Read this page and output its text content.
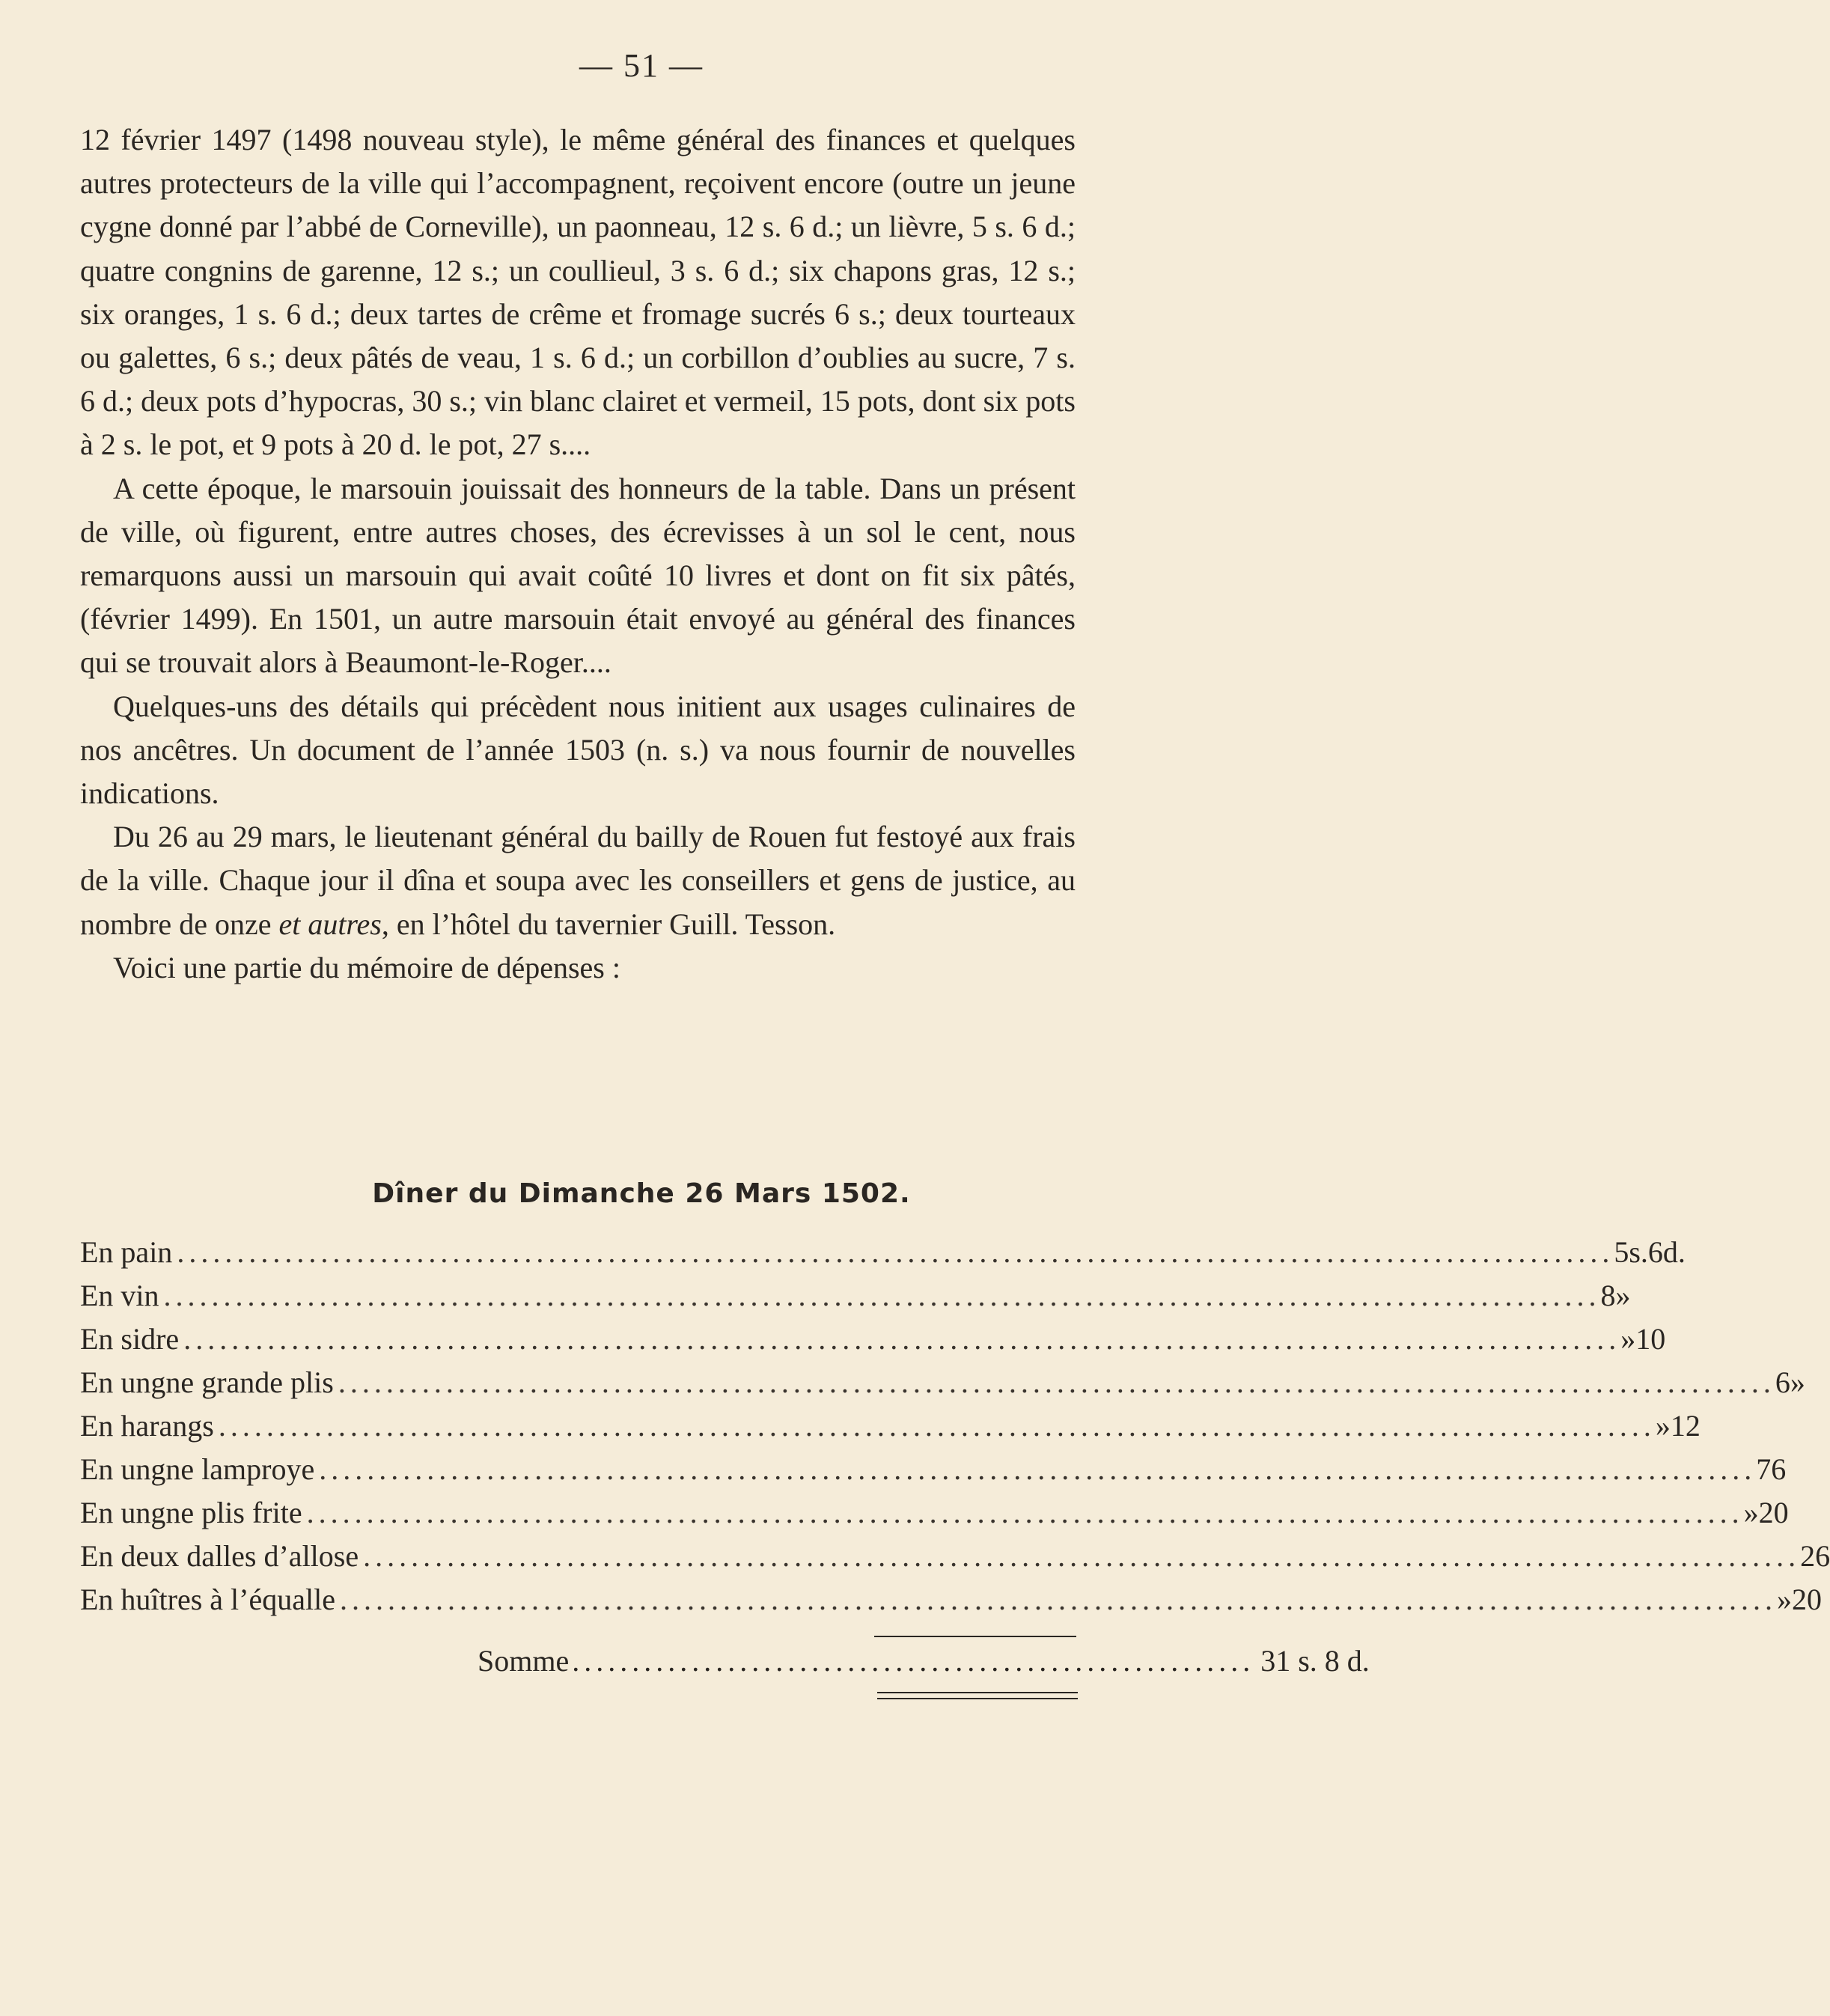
— 51 —

12 février 1497 (1498 nouveau style), le même général des finances et quelques autres protecteurs de la ville qui l’accompagnent, reçoivent encore (outre un jeune cygne donné par l’abbé de Corneville), un paonneau, 12 s. 6 d.; un lièvre, 5 s. 6 d.; quatre congnins de garenne, 12 s.; un coullieul, 3 s. 6 d.; six chapons gras, 12 s.; six oranges, 1 s. 6 d.; deux tartes de crême et fromage sucrés 6 s.; deux tourteaux ou galettes, 6 s.; deux pâtés de veau, 1 s. 6 d.; un corbillon d’oublies au sucre, 7 s. 6 d.; deux pots d’hypocras, 30 s.; vin blanc clairet et vermeil, 15 pots, dont six pots à 2 s. le pot, et 9 pots à 20 d. le pot, 27 s....

A cette époque, le marsouin jouissait des honneurs de la table. Dans un présent de ville, où figurent, entre autres choses, des écrevisses à un sol le cent, nous remarquons aussi un marsouin qui avait coûté 10 livres et dont on fit six pâtés, (février 1499). En 1501, un autre marsouin était envoyé au général des finances qui se trouvait alors à Beaumont-le-Roger....

Quelques-uns des détails qui précèdent nous initient aux usages culinaires de nos ancêtres. Un document de l’année 1503 (n. s.) va nous fournir de nouvelles indications.

Du 26 au 29 mars, le lieutenant général du bailly de Rouen fut festoyé aux frais de la ville. Chaque jour il dîna et soupa avec les conseillers et gens de justice, au nombre de onze et autres, en l’hôtel du tavernier Guill. Tesson.

Voici une partie du mémoire de dépenses :

Dîner du Dimanche 26 Mars 1502.
En pain ........................................................................................................................ 5s. 6d.
En vin ........................................................................................................................ 8 »
En sidre ........................................................................................................................ » 10
En ungne grande plis ........................................................................................................................ 6 »
En harangs ........................................................................................................................ » 12
En ungne lamproye ........................................................................................................................ 7 6
En ungne plis frite ........................................................................................................................ » 20
En deux dalles d’allose ........................................................................................................................ 2 6
En huîtres à l’équalle ........................................................................................................................ » 20
Somme ......................................................... 31 s. 8 d.
